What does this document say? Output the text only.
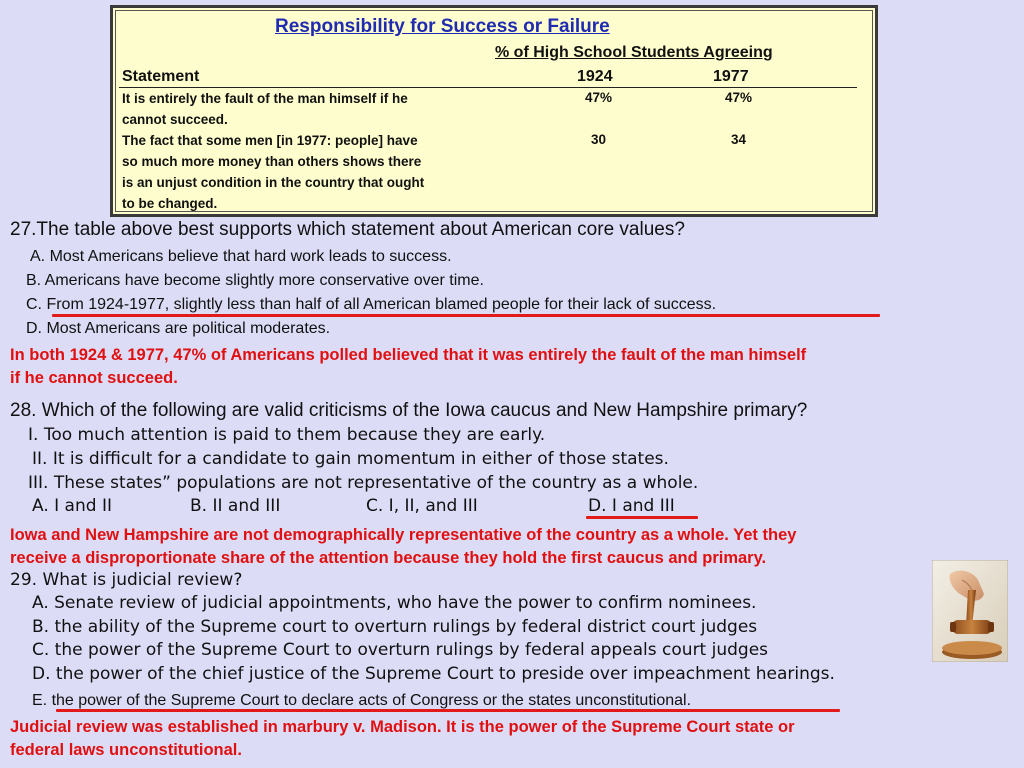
Responsibility for Success or Failure
% of High School Students Agreeing
Statement	1924	1977
It is entirely the fault of the man himself if he
cannot succeed.
47%	47%
The fact that some men [in 1977: people] have
so much more money than others shows there
is an unjust condition in the country that ought
to be changed.
30	34
27.The table above best supports which statement about American core values?
A. Most Americans believe that hard work leads to success.
B. Americans have become slightly more conservative over time.
C. From 1924-1977, slightly less than half of all American blamed people for their lack of success.
D. Most Americans are political moderates.
In both 1924 & 1977, 47% of Americans polled believed that it was entirely the fault of the man himself
if he cannot succeed.
28. Which of the following are valid criticisms of the Iowa caucus and New Hampshire primary?
I. Too much attention is paid to them because they are early.
II. It is difficult for a candidate to gain momentum in either of those states.
III. These states” populations are not representative of the country as a whole.
A. I and II	B. II and III	C. I, II, and III	D. I and III
Iowa and New Hampshire are not demographically representative of the country as a whole. Yet they
receive a disproportionate share of the attention because they hold the first caucus and primary.
29. What is judicial review?
A. Senate review of judicial appointments, who have the power to confirm nominees.
B. the ability of the Supreme court to overturn rulings by federal district court judges
C. the power of the Supreme Court to overturn rulings by federal appeals court judges
D. the power of the chief justice of the Supreme Court to preside over impeachment hearings.
E. the power of the Supreme Court to declare acts of Congress or the states unconstitutional.
Judicial review was established in marbury v. Madison. It is the power of the Supreme Court state or
federal laws unconstitutional.
